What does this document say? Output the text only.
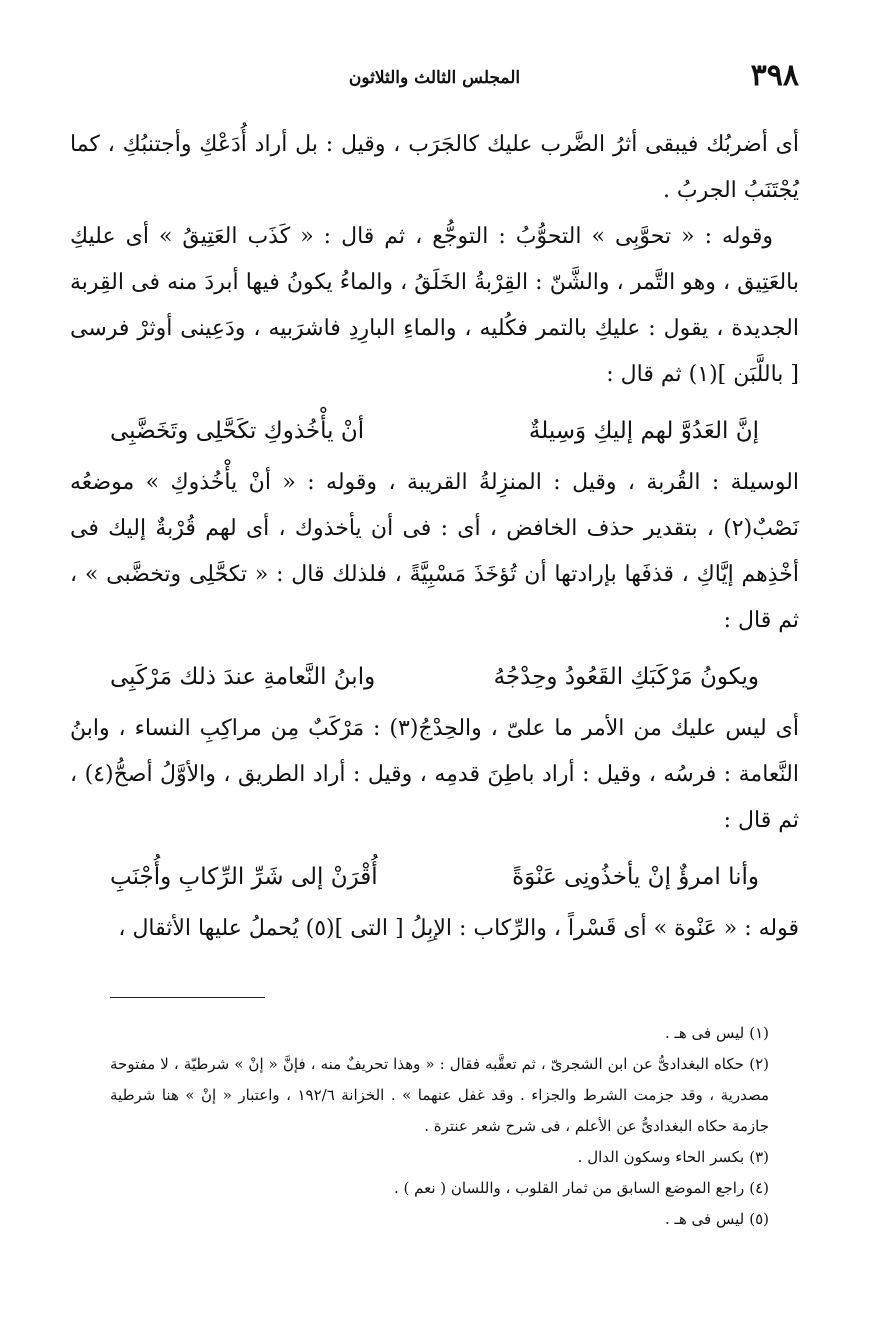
٣٩٨
المجلس الثالث والثلاثون

أى أضربُك فيبقى أثرُ الضَّرب عليك كالجَرَب ، وقيل : بل أراد أُدَعْكِ وأجتنبُكِ ، كما يُجْتَنَبُ الجربُ .

وقوله : « تحوَّبِى » التحوُّبُ : التوجُّع ، ثم قال : « كَذَب العَتِيقُ » أى عليكِ بالعَتِيق ، وهو التَّمر ، والشَّنّ : القِرْبةُ الخَلَقُ ، والماءُ يكونُ فيها أبردَ منه فى القِربة الجديدة ، يقول : عليكِ بالتمر فكُليه ، والماءِ البارِدِ فاشرَبيه ، ودَعِينى أوثرْ فرسى [ باللَّبَن ](١) ثم قال :

إنَّ العَدُوَّ لهم إليكِ وَسِيلةٌ
أنْ يأْخُذوكِ تكَحَّلِى وتَخَضَّبِى

الوسيلة : القُربة ، وقيل : المنزِلةُ القريبة ، وقوله : « أنْ يأْخُذوكِ » موضعُه نَصْبٌ(٢) ، بتقدير حذف الخافض ، أى : فى أن يأخذوك ، أى لهم قُرْبةٌ إليك فى أخْذِهم إيَّاكِ ، قذفَها بإرادتها أن تُؤخَذَ مَسْبِيَّةً ، فلذلك قال : « تكحَّلِى وتخضَّبى » ، ثم قال :

ويكونُ مَرْكَبَكِ القَعُودُ وحِدْجُهُ
وابنُ النَّعامةِ عندَ ذلك مَرْكَبِى

أى ليس عليك من الأمر ما علىّ ، والحِدْجُ(٣) : مَرْكَبٌ مِن مراكِبِ النساء ، وابنُ النَّعامة : فرسُه ، وقيل : أراد باطِنَ قدمِه ، وقيل : أراد الطريق ، والأوَّلُ أصحُّ(٤) ، ثم قال :

وأنا امرؤٌ إنْ يأخذُونِى عَنْوَةً
أُقْرَنْ إلى شَرِّ الرِّكابِ وأُجْنَبِ

قوله : « عَنْوة » أى قَسْراً ، والرِّكاب : الإبِلُ [ التى ](٥) يُحملُ عليها الأثقال ،

(١) ليس فى هـ .

(٢) حكاه البغدادىُّ عن ابن الشجرىّ ، ثم تعقَّبه فقال : « وهذا تحريفٌ منه ، فإنَّ « إنْ » شرطيّة ، لا مفتوحة مصدرية ، وقد جزمت الشرط والجزاء . وقد غفل عنهما » . الخزانة ١٩٢/٦ ، واعتبار « إنْ » هنا شرطية جازمة حكاه البغدادىُّ عن الأعلم ، فى شرح شعر عنترة .

(٣) بكسر الحاء وسكون الدال .

(٤) راجع الموضع السابق من ثمار القلوب ، واللسان ( نعم ) .

(٥) ليس فى هـ .
